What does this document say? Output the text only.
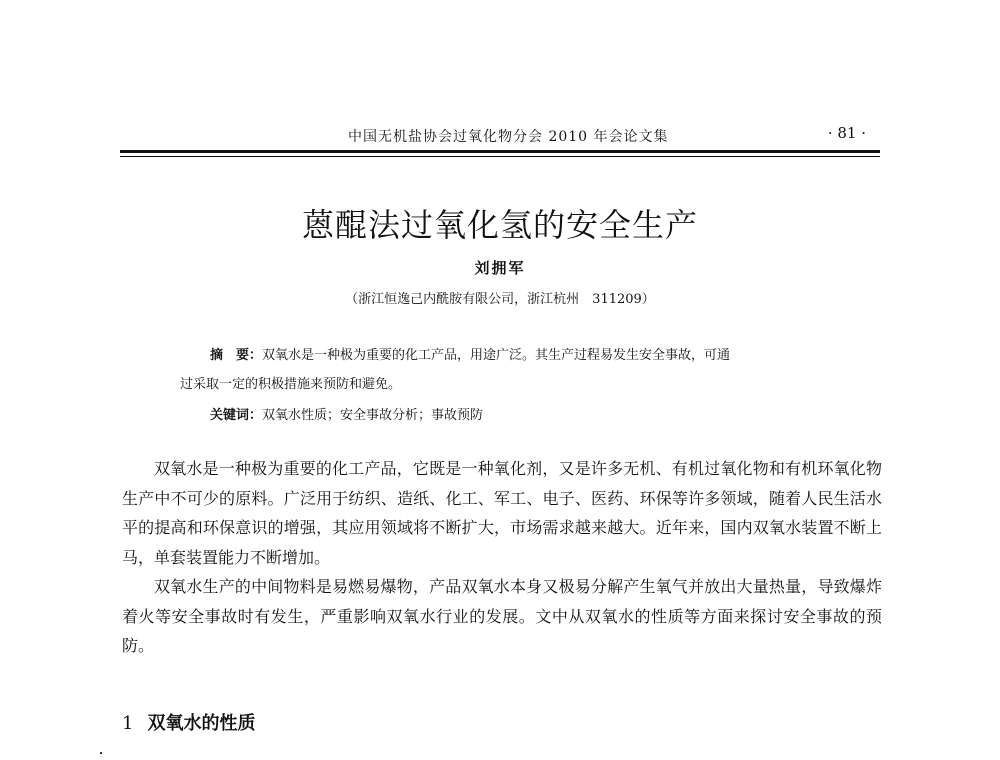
中国无机盐协会过氧化物分会 2010 年会论文集	· 81 ·
蒽醌法过氧化氢的安全生产
刘拥军
（浙江恒逸己内酰胺有限公司，浙江杭州　311209）
摘　要：双氧水是一种极为重要的化工产品，用途广泛。其生产过程易发生安全事故，可通
过采取一定的积极措施来预防和避免。
关键词：双氧水性质；安全事故分析；事故预防

双氧水是一种极为重要的化工产品，它既是一种氧化剂，又是许多无机、有机过氧化物和有机环氧化物生产中不可少的原料。广泛用于纺织、造纸、化工、军工、电子、医药、环保等许多领域，随着人民生活水平的提高和环保意识的增强，其应用领域将不断扩大，市场需求越来越大。近年来，国内双氧水装置不断上马，单套装置能力不断增加。

双氧水生产的中间物料是易燃易爆物，产品双氧水本身又极易分解产生氧气并放出大量热量，导致爆炸着火等安全事故时有发生，严重影响双氧水行业的发展。文中从双氧水的性质等方面来探讨安全事故的预防。

1 双氧水的性质
